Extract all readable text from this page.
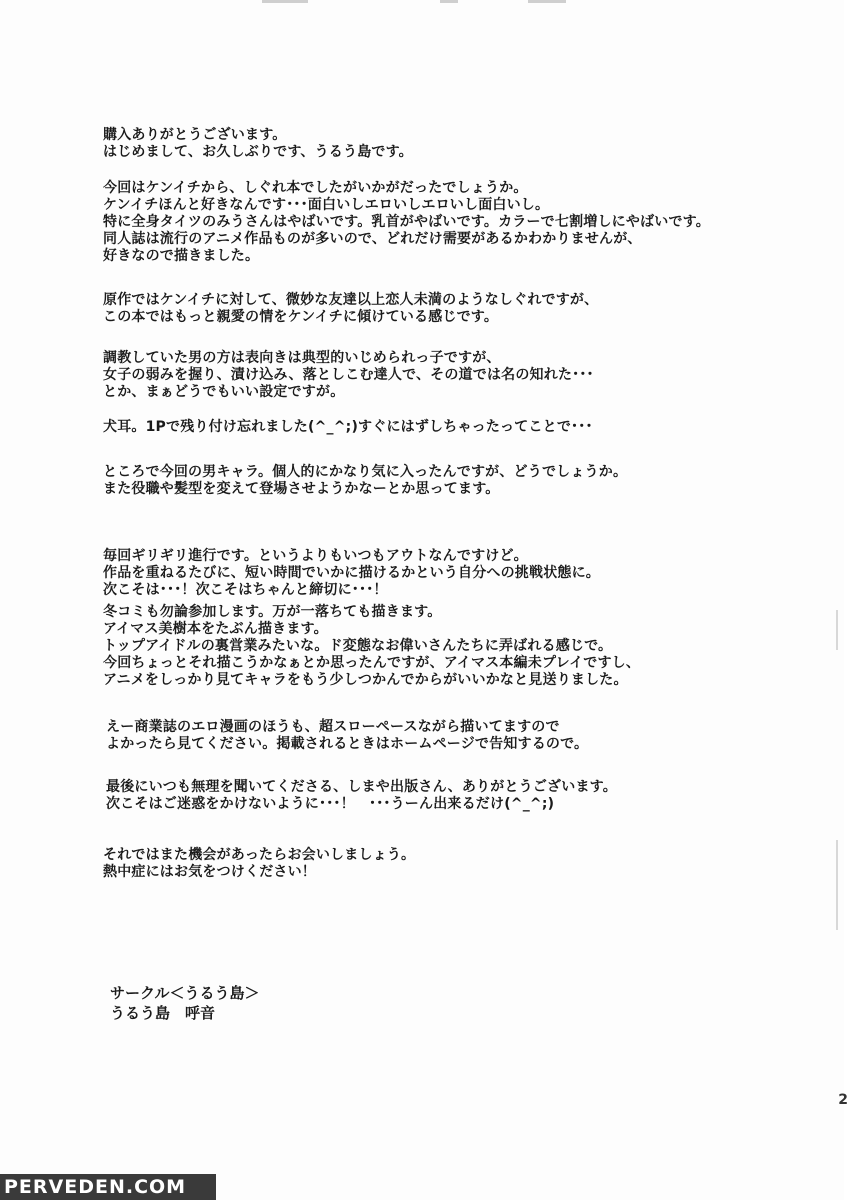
購入ありがとうございます。
はじめまして、お久しぶりです、うるう島です。
今回はケンイチから、しぐれ本でしたがいかがだったでしょうか。
ケンイチほんと好きなんです･･･面白いしエロいしエロいし面白いし。
特に全身タイツのみうさんはやばいです。乳首がやばいです。カラーで七割増しにやばいです。
同人誌は流行のアニメ作品ものが多いので、どれだけ需要があるかわかりませんが、
好きなので描きました。
原作ではケンイチに対して、微妙な友達以上恋人未満のようなしぐれですが、
この本ではもっと親愛の情をケンイチに傾けている感じです。
調教していた男の方は表向きは典型的いじめられっ子ですが、
女子の弱みを握り、漬け込み、落としこむ達人で、その道では名の知れた･･･
とか、まぁどうでもいい設定ですが。
犬耳。1Pで残り付け忘れました(^_^;)すぐにはずしちゃったってことで･･･
ところで今回の男キャラ。個人的にかなり気に入ったんですが、どうでしょうか。
また役職や髪型を変えて登場させようかなーとか思ってます。
毎回ギリギリ進行です。というよりもいつもアウトなんですけど。
作品を重ねるたびに、短い時間でいかに描けるかという自分への挑戦状態に。
次こそは･･･！次こそはちゃんと締切に･･･！
冬コミも勿論参加します。万が一落ちても描きます。
アイマス美樹本をたぶん描きます。
トップアイドルの裏営業みたいな。ド変態なお偉いさんたちに弄ばれる感じで。
今回ちょっとそれ描こうかなぁとか思ったんですが、アイマス本編未プレイですし、
アニメをしっかり見てキャラをもう少しつかんでからがいいかなと見送りました。
えー商業誌のエロ漫画のほうも、超スローペースながら描いてますので
よかったら見てください。掲載されるときはホームページで告知するので。
最後にいつも無理を聞いてくださる、しまや出版さん、ありがとうございます。
次こそはご迷惑をかけないように･･･！　･･･うーん出来るだけ(^_^;)
それではまた機会があったらお会いしましょう。
熱中症にはお気をつけください！
サークル＜うるう島＞
うるう島　呼音
2
PERVEDEN.COM
